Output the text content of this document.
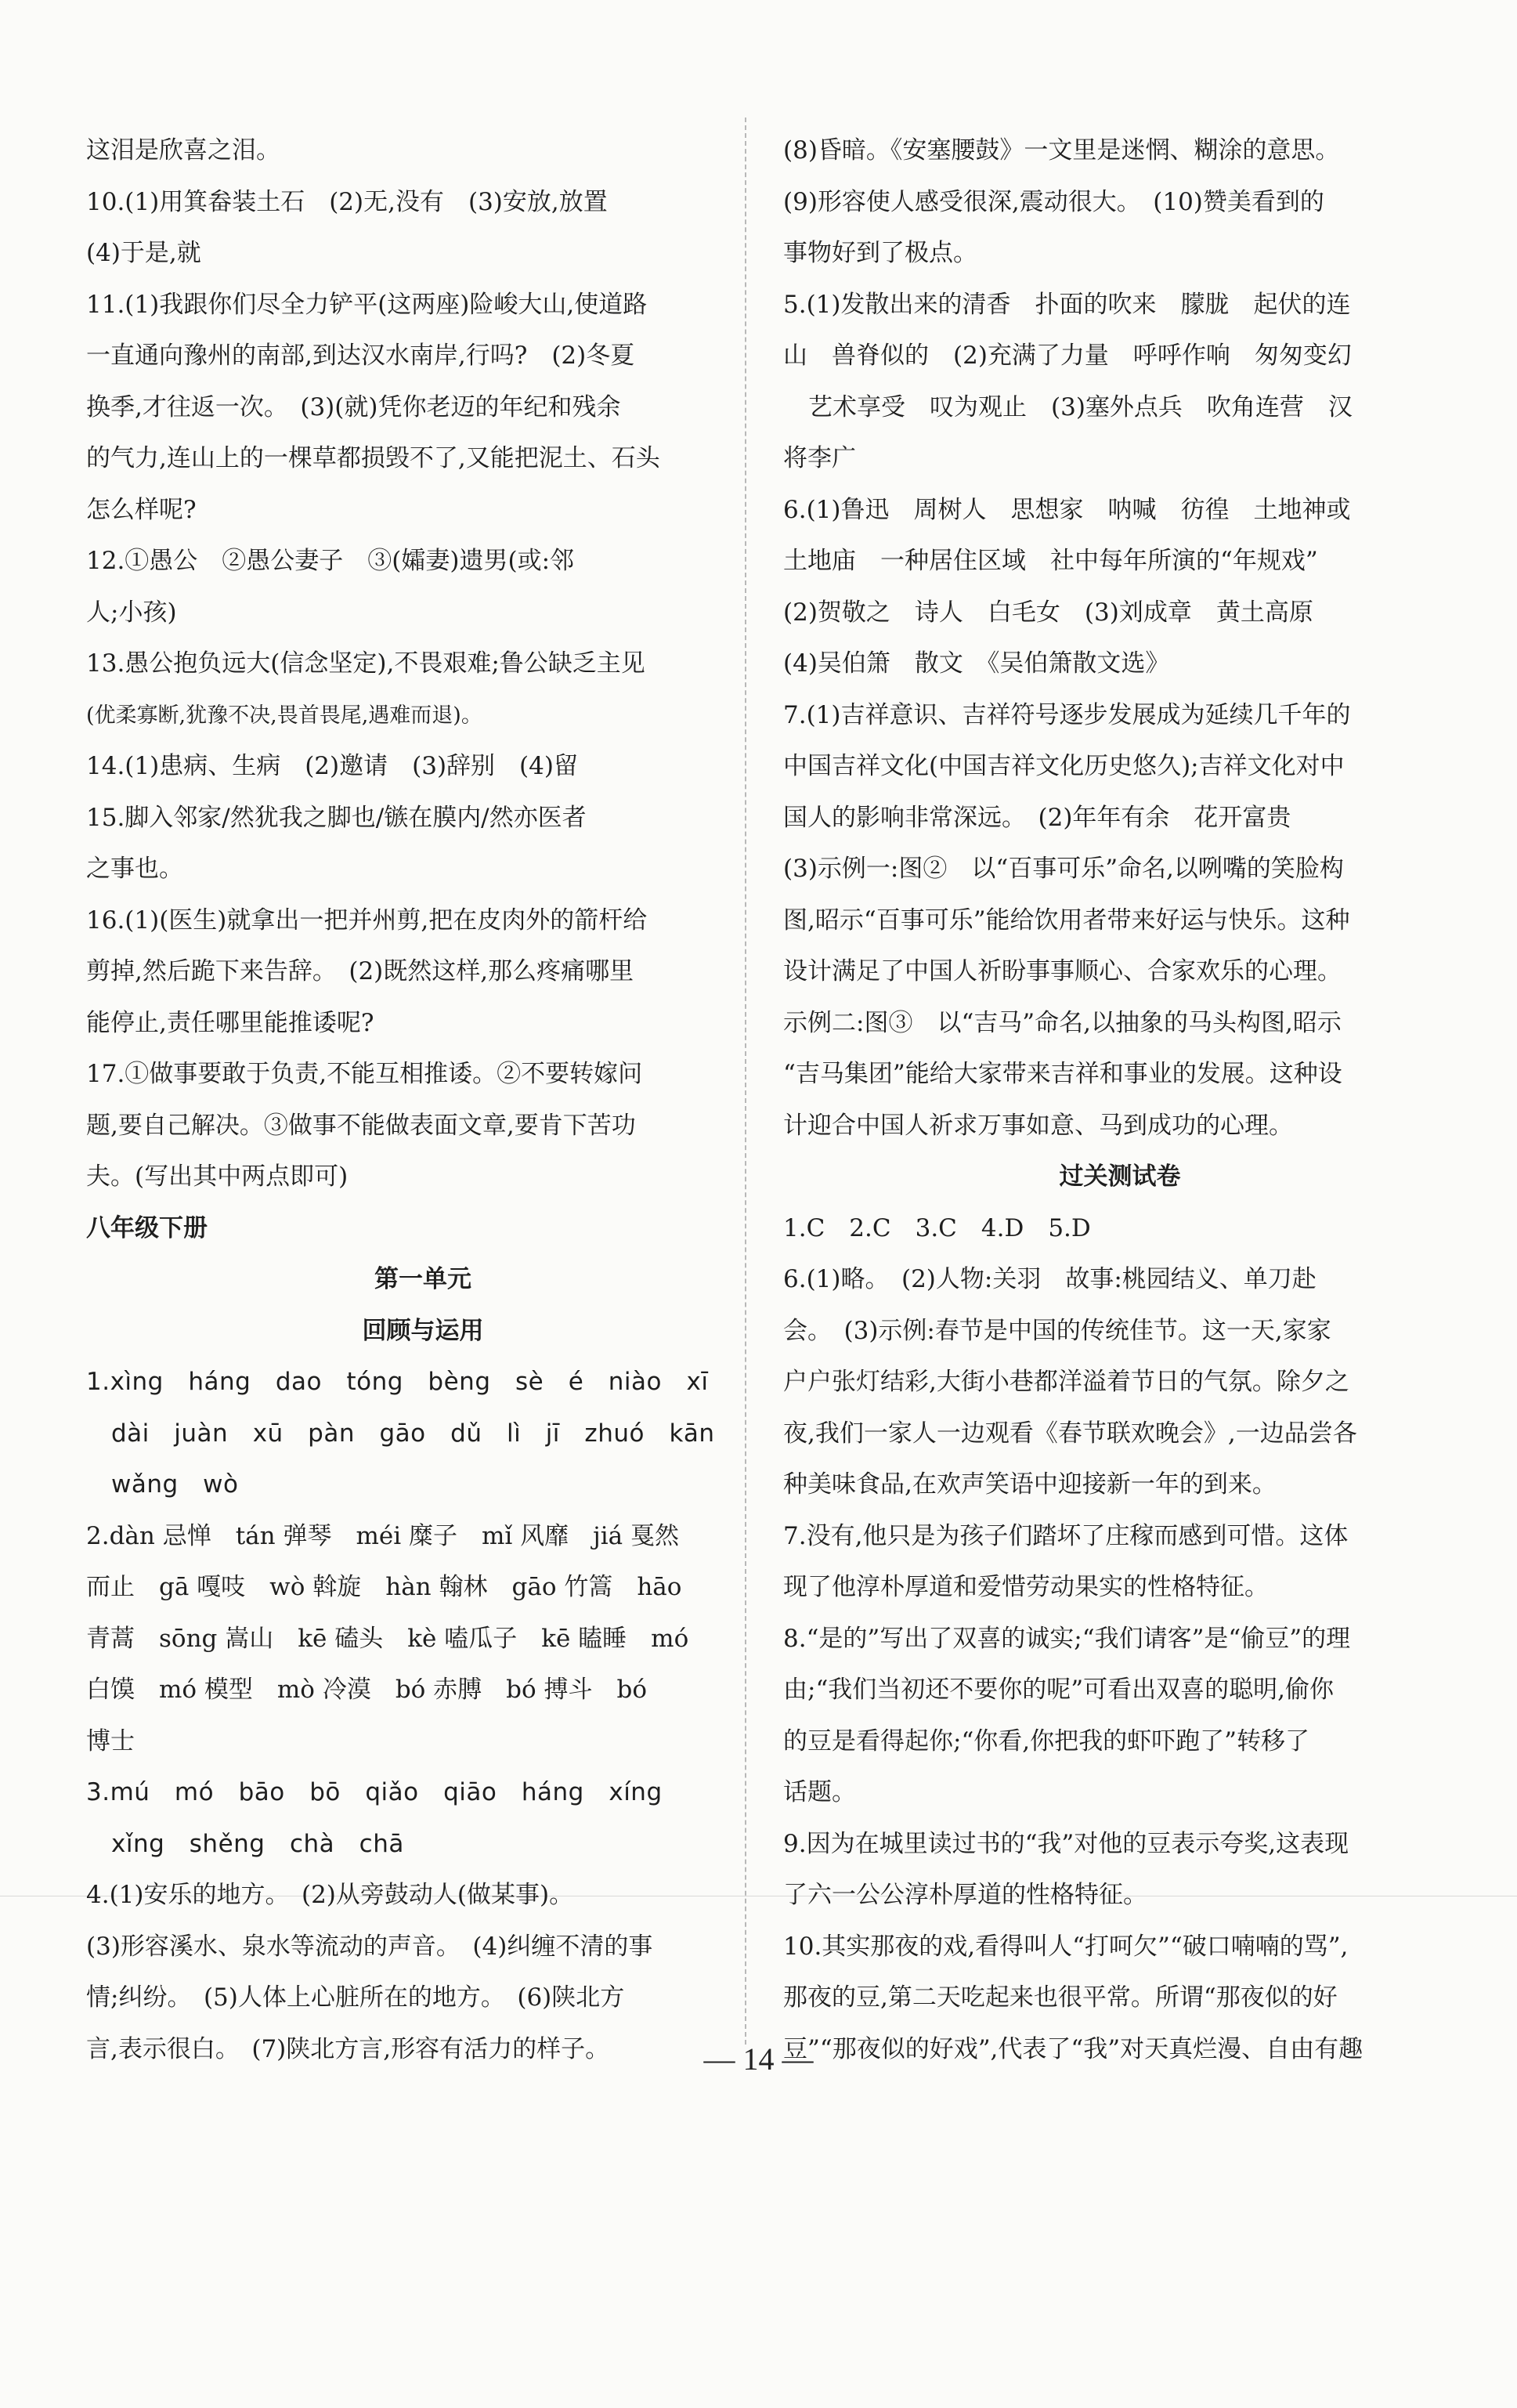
这泪是欣喜之泪。
10.(1)用箕畚装土石　(2)无,没有　(3)安放,放置
(4)于是,就
11.(1)我跟你们尽全力铲平(这两座)险峻大山,使道路
一直通向豫州的南部,到达汉水南岸,行吗?　(2)冬夏
换季,才往返一次。　(3)(就)凭你老迈的年纪和残余
的气力,连山上的一棵草都损毁不了,又能把泥土、石头
怎么样呢?
12.①愚公　②愚公妻子　③(孀妻)遗男(或:邻
人;小孩)
13.愚公抱负远大(信念坚定),不畏艰难;鲁公缺乏主见
(优柔寡断,犹豫不决,畏首畏尾,遇难而退)。
14.(1)患病、生病　(2)邀请　(3)辞别　(4)留
15.脚入邻家/然犹我之脚也/镞在膜内/然亦医者
之事也。
16.(1)(医生)就拿出一把并州剪,把在皮肉外的箭杆给
剪掉,然后跪下来告辞。　(2)既然这样,那么疼痛哪里
能停止,责任哪里能推诿呢?
17.①做事要敢于负责,不能互相推诿。②不要转嫁问
题,要自己解决。③做事不能做表面文章,要肯下苦功
夫。(写出其中两点即可)
八年级下册
第一单元
回顾与运用
1.xìng　háng　dao　tóng　bèng　sè　é　niào　xī
dài　juàn　xū　pàn　gāo　dǔ　lì　jī　zhuó　kān
wǎng　wò
2.dàn 忌惮　tán 弹琴　méi 糜子　mǐ 风靡　jiá 戛然
而止　gā 嘎吱　wò 斡旋　hàn 翰林　gāo 竹篙　hāo
青蒿　sōng 嵩山　kē 磕头　kè 嗑瓜子　kē 瞌睡　mó
白馍　mó 模型　mò 冷漠　bó 赤膊　bó 搏斗　bó
博士
3.mú　mó　bāo　bō　qiǎo　qiāo　háng　xíng
xǐng　shěng　chà　chā
4.(1)安乐的地方。　(2)从旁鼓动人(做某事)。
(3)形容溪水、泉水等流动的声音。　(4)纠缠不清的事
情;纠纷。　(5)人体上心脏所在的地方。　(6)陕北方
言,表示很白。　(7)陕北方言,形容有活力的样子。
(8)昏暗。《安塞腰鼓》一文里是迷惘、糊涂的意思。
(9)形容使人感受很深,震动很大。　(10)赞美看到的
事物好到了极点。
5.(1)发散出来的清香　扑面的吹来　朦胧　起伏的连
山　兽脊似的　(2)充满了力量　呼呼作响　匆匆变幻
艺术享受　叹为观止　(3)塞外点兵　吹角连营　汉
将李广
6.(1)鲁迅　周树人　思想家　呐喊　彷徨　土地神或
土地庙　一种居住区域　社中每年所演的“年规戏”
(2)贺敬之　诗人　白毛女　(3)刘成章　黄土高原
(4)吴伯箫　散文　《吴伯箫散文选》
7.(1)吉祥意识、吉祥符号逐步发展成为延续几千年的
中国吉祥文化(中国吉祥文化历史悠久);吉祥文化对中
国人的影响非常深远。　(2)年年有余　花开富贵
(3)示例一:图②　以“百事可乐”命名,以咧嘴的笑脸构
图,昭示“百事可乐”能给饮用者带来好运与快乐。这种
设计满足了中国人祈盼事事顺心、合家欢乐的心理。
示例二:图③　以“吉马”命名,以抽象的马头构图,昭示
“吉马集团”能给大家带来吉祥和事业的发展。这种设
计迎合中国人祈求万事如意、马到成功的心理。
过关测试卷
1.C　2.C　3.C　4.D　5.D
6.(1)略。　(2)人物:关羽　故事:桃园结义、单刀赴
会。　(3)示例:春节是中国的传统佳节。这一天,家家
户户张灯结彩,大街小巷都洋溢着节日的气氛。除夕之
夜,我们一家人一边观看《春节联欢晚会》,一边品尝各
种美味食品,在欢声笑语中迎接新一年的到来。
7.没有,他只是为孩子们踏坏了庄稼而感到可惜。这体
现了他淳朴厚道和爱惜劳动果实的性格特征。
8.“是的”写出了双喜的诚实;“我们请客”是“偷豆”的理
由;“我们当初还不要你的呢”可看出双喜的聪明,偷你
的豆是看得起你;“你看,你把我的虾吓跑了”转移了
话题。
9.因为在城里读过书的“我”对他的豆表示夸奖,这表现
了六一公公淳朴厚道的性格特征。
10.其实那夜的戏,看得叫人“打呵欠”“破口喃喃的骂”,
那夜的豆,第二天吃起来也很平常。所谓“那夜似的好
豆”“那夜似的好戏”,代表了“我”对天真烂漫、自由有趣
— 14 —
